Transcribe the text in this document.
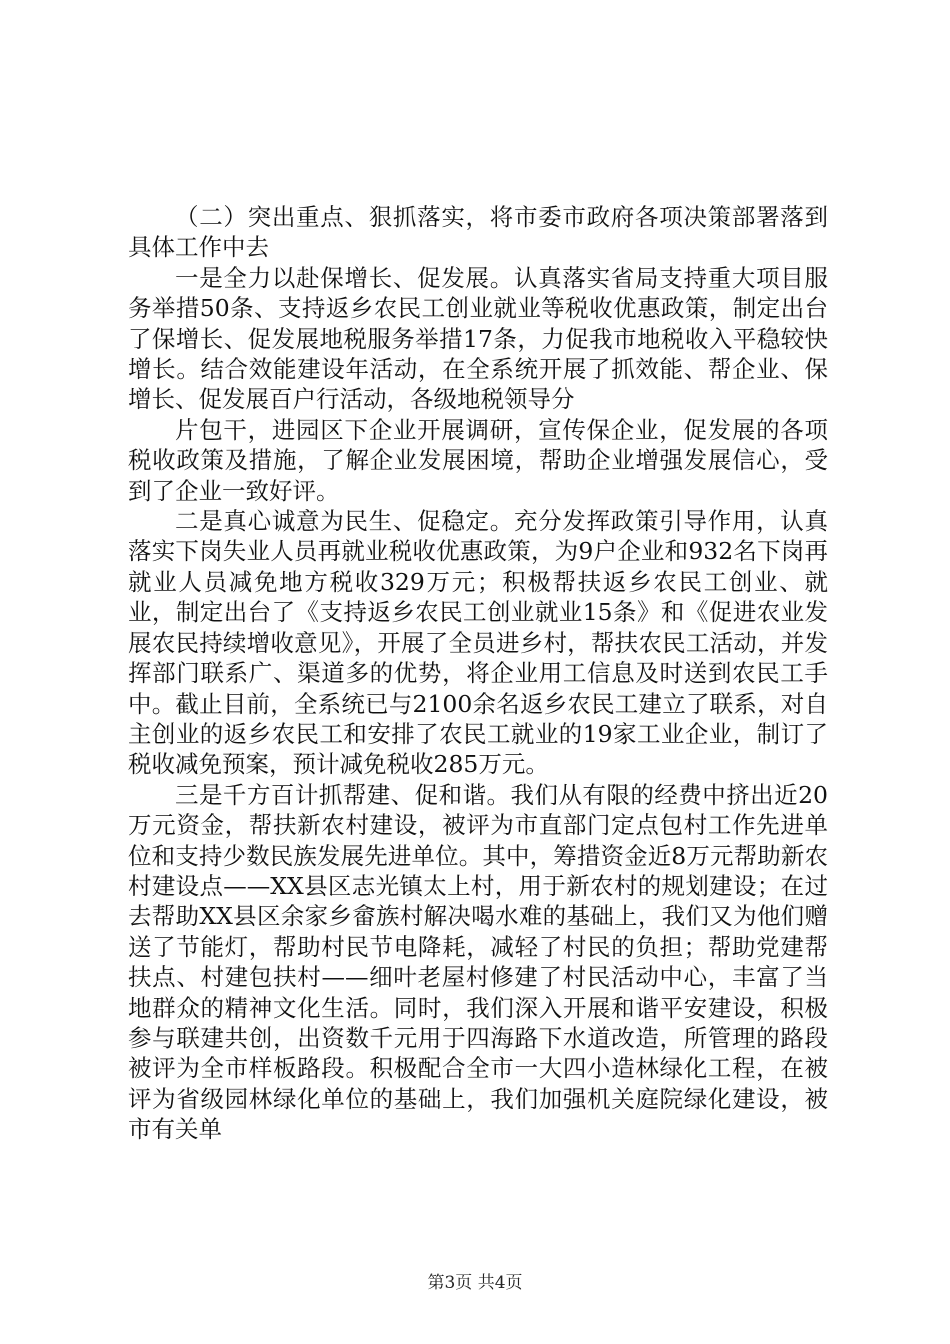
（二）突出重点、狠抓落实，将市委市政府各项决策部署落到具体工作中去

一是全力以赴保增长、促发展。认真落实省局支持重大项目服务举措50条、支持返乡农民工创业就业等税收优惠政策，制定出台了保增长、促发展地税服务举措17条，力促我市地税收入平稳较快增长。结合效能建设年活动，在全系统开展了抓效能、帮企业、保增长、促发展百户行活动，各级地税领导分

片包干，进园区下企业开展调研，宣传保企业，促发展的各项税收政策及措施，了解企业发展困境，帮助企业增强发展信心，受到了企业一致好评。

二是真心诚意为民生、促稳定。充分发挥政策引导作用，认真落实下岗失业人员再就业税收优惠政策，为9户企业和932名下岗再就业人员减免地方税收329万元；积极帮扶返乡农民工创业、就业，制定出台了《支持返乡农民工创业就业15条》和《促进农业发展农民持续增收意见》，开展了全员进乡村，帮扶农民工活动，并发挥部门联系广、渠道多的优势，将企业用工信息及时送到农民工手中。截止目前，全系统已与2100余名返乡农民工建立了联系，对自主创业的返乡农民工和安排了农民工就业的19家工业企业，制订了税收减免预案，预计减免税收285万元。

三是千方百计抓帮建、促和谐。我们从有限的经费中挤出近20万元资金，帮扶新农村建设，被评为市直部门定点包村工作先进单位和支持少数民族发展先进单位。其中，筹措资金近8万元帮助新农村建设点——XX县区志光镇太上村，用于新农村的规划建设；在过去帮助XX县区余家乡畲族村解决喝水难的基础上，我们又为他们赠送了节能灯，帮助村民节电降耗，减轻了村民的负担；帮助党建帮扶点、村建包扶村——细叶老屋村修建了村民活动中心，丰富了当地群众的精神文化生活。同时，我们深入开展和谐平安建设，积极参与联建共创，出资数千元用于四海路下水道改造，所管理的路段被评为全市样板路段。积极配合全市一大四小造林绿化工程，在被评为省级园林绿化单位的基础上，我们加强机关庭院绿化建设，被市有关单

第3页 共4页
